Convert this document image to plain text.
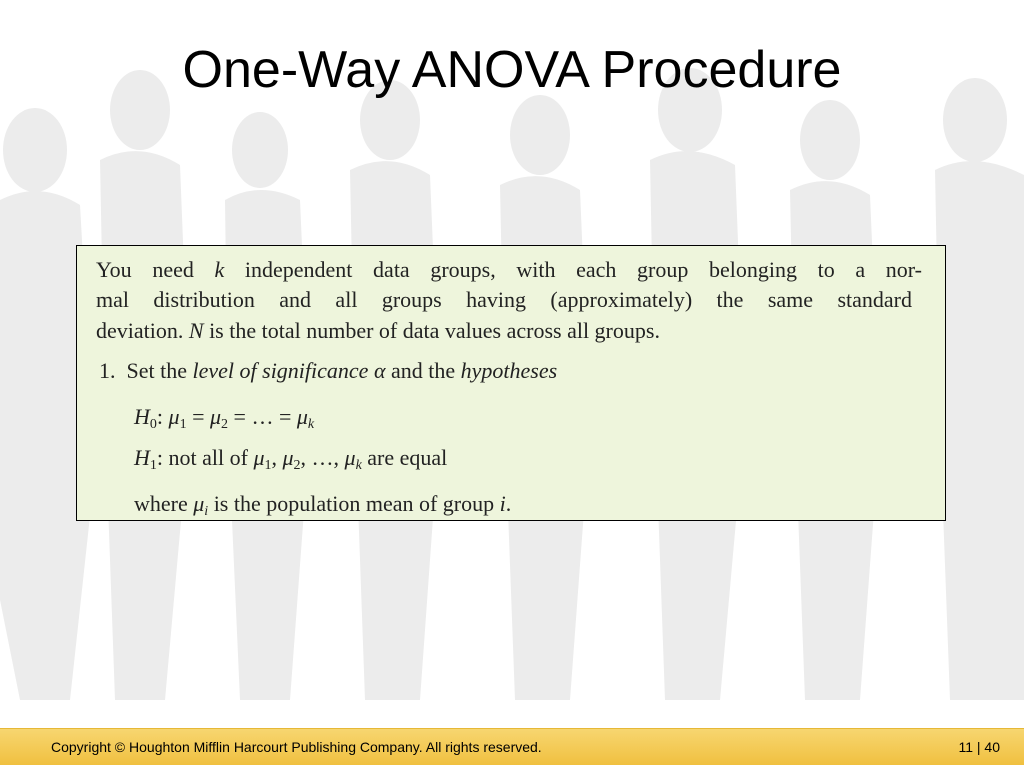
One-Way ANOVA Procedure
You need k independent data groups, with each group belonging to a nor-
mal distribution and all groups having (approximately) the same standard
deviation. N is the total number of data values across all groups.
1.  Set the level of significance α and the hypotheses
$H_0$: $\mu_1 = \mu_2$ = … = $\mu_k$
$H_1$: not all of $\mu_1$, $\mu_2$, …, $\mu_k$ are equal
where $\mu_i$ is the population mean of group i.
Copyright © Houghton Mifflin Harcourt Publishing Company. All rights reserved.	11 | 40
